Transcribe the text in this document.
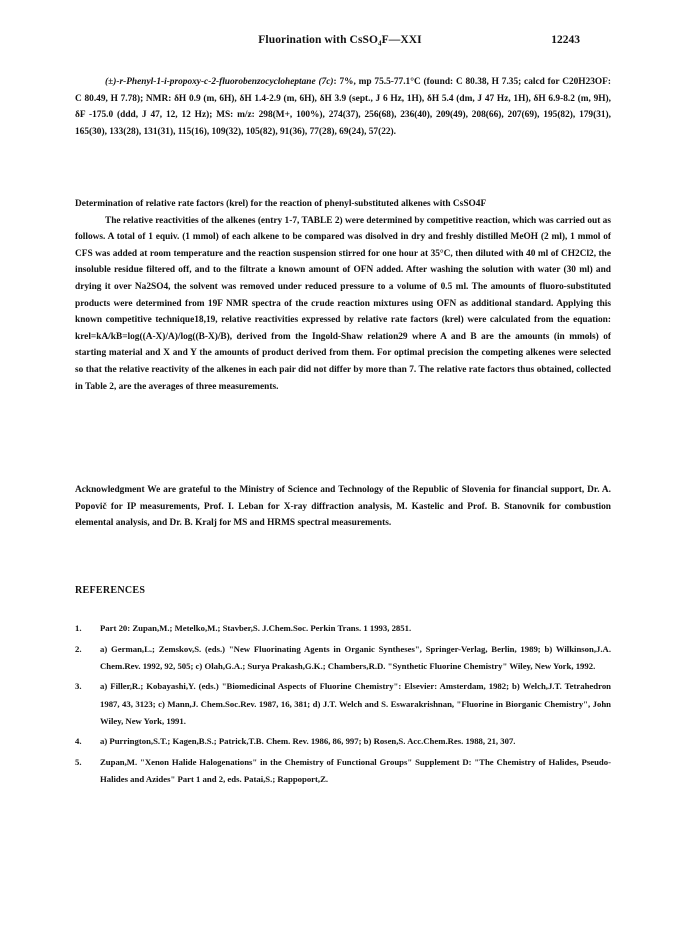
Fluorination with CsSO₄F—XXI	12243

(±)-r-Phenyl-1-i-propoxy-c-2-fluorobenzocycloheptane (7c): 7%, mp 75.5-77.1°C (found: C 80.38, H 7.35; calcd for C20H23OF: C 80.49, H 7.78); NMR: δH 0.9 (m, 6H), δH 1.4-2.9 (m, 6H), δH 3.9 (sept., J 6 Hz, 1H), δH 5.4 (dm, J 47 Hz, 1H), δH 6.9-8.2 (m, 9H), δF -175.0 (ddd, J 47, 12, 12 Hz); MS: m/z: 298(M+, 100%), 274(37), 256(68), 236(40), 209(49), 208(66), 207(69), 195(82), 179(31), 165(30), 133(28), 131(31), 115(16), 109(32), 105(82), 91(36), 77(28), 69(24), 57(22).

Determination of relative rate factors (krel) for the reaction of phenyl-substituted alkenes with CsSO4F

The relative reactivities of the alkenes (entry 1-7, TABLE 2) were determined by competitive reaction, which was carried out as follows. A total of 1 equiv. (1 mmol) of each alkene to be compared was disolved in dry and freshly distilled MeOH (2 ml), 1 mmol of CFS was added at room temperature and the reaction suspension stirred for one hour at 35°C, then diluted with 40 ml of CH2Cl2, the insoluble residue filtered off, and to the filtrate a known amount of OFN added. After washing the solution with water (30 ml) and drying it over Na2SO4, the solvent was removed under reduced pressure to a volume of 0.5 ml. The amounts of fluoro-substituted products were determined from 19F NMR spectra of the crude reaction mixtures using OFN as additional standard. Applying this known competitive technique18,19, relative reactivities expressed by relative rate factors (krel) were calculated from the equation: krel=kA/kB=log((A-X)/A)/log((B-X)/B), derived from the Ingold-Shaw relation29 where A and B are the amounts (in mmols) of starting material and X and Y the amounts of product derived from them. For optimal precision the competing alkenes were selected so that the relative reactivity of the alkenes in each pair did not differ by more than 7. The relative rate factors thus obtained, collected in Table 2, are the averages of three measurements.

Acknowledgment We are grateful to the Ministry of Science and Technology of the Republic of Slovenia for financial support, Dr. A. Popovič for IP measurements, Prof. I. Leban for X-ray diffraction analysis, M. Kastelic and Prof. B. Stanovnik for combustion elemental analysis, and Dr. B. Kralj for MS and HRMS spectral measurements.

REFERENCES
1. Part 20: Zupan,M.; Metelko,M.; Stavber,S. J.Chem.Soc. Perkin Trans. 1 1993, 2851.
2. a) German,L.; Zemskov,S. (eds.) "New Fluorinating Agents in Organic Syntheses", Springer-Verlag, Berlin, 1989; b) Wilkinson,J.A. Chem.Rev. 1992, 92, 505; c) Olah,G.A.; Surya Prakash,G.K.; Chambers,R.D. "Synthetic Fluorine Chemistry" Wiley, New York, 1992.
3. a) Filler,R.; Kobayashi,Y. (eds.) "Biomedicinal Aspects of Fluorine Chemistry": Elsevier: Amsterdam, 1982; b) Welch,J.T. Tetrahedron 1987, 43, 3123; c) Mann,J. Chem.Soc.Rev. 1987, 16, 381; d) J.T. Welch and S. Eswarakrishnan, "Fluorine in Biorganic Chemistry", John Wiley, New York, 1991.
4. a) Purrington,S.T.; Kagen,B.S.; Patrick,T.B. Chem. Rev. 1986, 86, 997; b) Rosen,S. Acc.Chem.Res. 1988, 21, 307.
5. Zupan,M. "Xenon Halide Halogenations" in the Chemistry of Functional Groups" Supplement D: "The Chemistry of Halides, Pseudo-Halides and Azides" Part 1 and 2, eds. Patai,S.; Rappoport,Z.
